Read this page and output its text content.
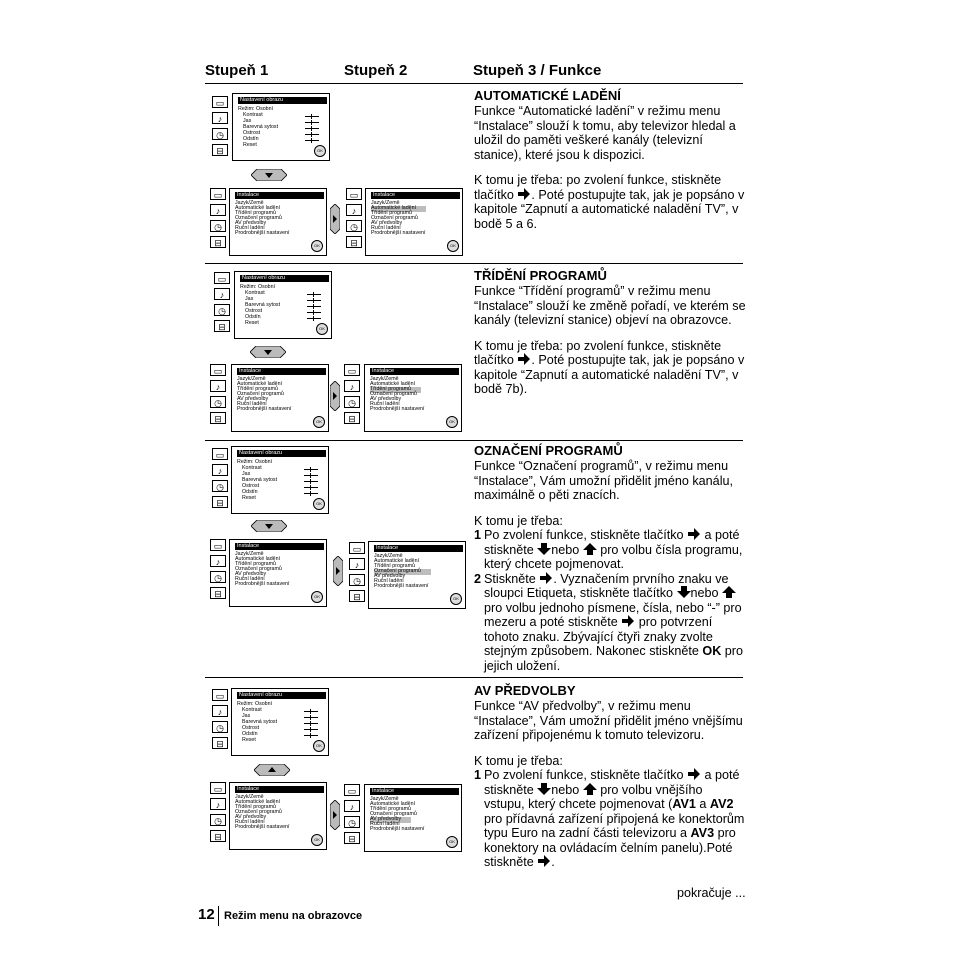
Stupeň 1	Stupeň 2	Stupeň 3 / Funkce
▭
♪
◷
⊟
Nastavení obrazu
Režim: Osobní
Kontrast
Jas
Barevná sytost
Ostrost
Odstín
Reset
OK
▭
♪
◷
⊟
Instalace
Jazyk/Země
Automatické ladění
Třídění programů
Označení programů
AV předvolby
Ruční ladění
Prodrobnější nastavení
OK
▭
♪
◷
⊟
Instalace
Jazyk/Země
Automatické ladění
Třídění programů
Označení programů
AV předvolby
Ruční ladění
Prodrobnější nastavení
OK
▭
♪
◷
⊟
Nastavení obrazu
Režim: Osobní
Kontrast
Jas
Barevná sytost
Ostrost
Odstín
Reset
OK
▭
♪
◷
⊟
Instalace
Jazyk/Země
Automatické ladění
Třídění programů
Označení programů
AV předvolby
Ruční ladění
Prodrobnější nastavení
OK
▭
♪
◷
⊟
Instalace
Jazyk/Země
Automatické ladění
Třídění programů
Označení programů
AV předvolby
Ruční ladění
Prodrobnější nastavení
OK
▭
♪
◷
⊟
Nastavení obrazu
Režim: Osobní
Kontrast
Jas
Barevná sytost
Ostrost
Odstín
Reset
OK
▭
♪
◷
⊟
Instalace
Jazyk/Země
Automatické ladění
Třídění programů
Označení programů
AV předvolby
Ruční ladění
Prodrobnější nastavení
OK
▭
♪
◷
⊟
Instalace
Jazyk/Země
Automatické ladění
Třídění programů
Označení programů
AV předvolby
Ruční ladění
Prodrobnější nastavení
OK
▭
♪
◷
⊟
Nastavení obrazu
Režim: Osobní
Kontrast
Jas
Barevná sytost
Ostrost
Odstín
Reset
OK
▭
♪
◷
⊟
Instalace
Jazyk/Země
Automatické ladění
Třídění programů
Označení programů
AV předvolby
Ruční ladění
Prodrobnější nastavení
OK
▭
♪
◷
⊟
Instalace
Jazyk/Země
Automatické ladění
Třídění programů
Označení programů
AV předvolby
Ruční ladění
Prodrobnější nastavení
OK
AUTOMATICKÉ LADĚNÍ

Funkce “Automatické ladění” v režimu menu “Instalace” slouží k tomu, aby televizor hledal a uložil do paměti veškeré kanály (televizní stanice), které jsou k dispozici.

K tomu je třeba: po zvolení funkce, stiskněte tlačítko . Poté postupujte tak, jak je popsáno v kapitole “Zapnutí a automatické naladění TV”, v bodě 5 a 6.

TŘÍDĚNÍ PROGRAMŮ

Funkce “Třídění programů” v režimu menu “Instalace” slouží ke změně pořadí, ve kterém se kanály (televizní stanice) objeví na obrazovce.

K tomu je třeba: po zvolení funkce, stiskněte tlačítko . Poté postupujte tak, jak je popsáno v kapitole “Zapnutí a automatické naladění TV”, v bodě 7b).

OZNAČENÍ PROGRAMŮ

Funkce “Označení programů”, v režimu menu “Instalace”, Vám umožní přidělit jméno kanálu, maximálně o pěti znacích.

K tomu je třeba:

1 Po zvolení funkce, stiskněte tlačítko a poté stiskněte nebo pro volbu čísla programu, který chcete pojmenovat.
2 Stiskněte . Vyznačením prvního znaku ve sloupci Etiqueta, stiskněte tlačítko nebo  pro volbu jednoho písmene, čísla, nebo “-” pro mezeru a poté stiskněte pro potvrzení tohoto znaku. Zbývající čtyři znaky zvolte stejným způsobem. Nakonec stiskněte OK pro jejich uložení.
AV PŘEDVOLBY

Funkce “AV předvolby”, v režimu menu “Instalace”, Vám umožní přidělit jméno vnějšímu zařízení připojenému k tomuto televizoru.

K tomu je třeba:

1 Po zvolení funkce, stiskněte tlačítko a poté stiskněte nebo pro volbu vnějšího vstupu, který chcete pojmenovat (AV1 a AV2 pro přídavná zařízení připojená ke konektorům typu Euro na zadní části televizoru a AV3 pro konektory na ovládacím čelním panelu).Poté stiskněte .
pokračuje ...
12 Režim menu na obrazovce
